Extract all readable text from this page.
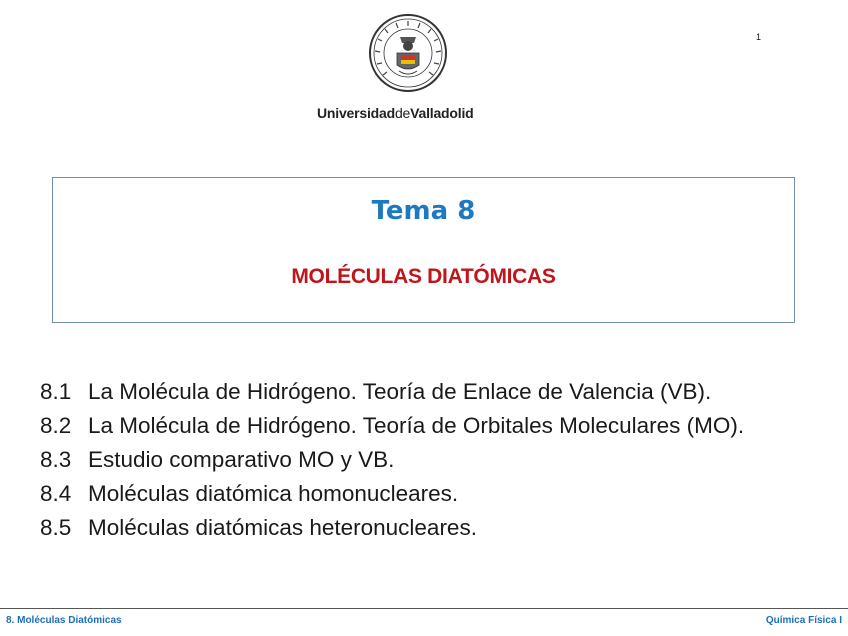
UniversidaddeValladolid
1
Tema 8
MOLÉCULAS DIATÓMICAS
8.1 La Molécula de Hidrógeno. Teoría de Enlace de Valencia (VB).
8.2 La Molécula de Hidrógeno. Teoría de Orbitales Moleculares (MO).
8.3 Estudio comparativo MO y VB.
8.4 Moléculas diatómica homonucleares.
8.5 Moléculas diatómicas heteronucleares.
8. Moléculas Diatómicas	Química Física I
